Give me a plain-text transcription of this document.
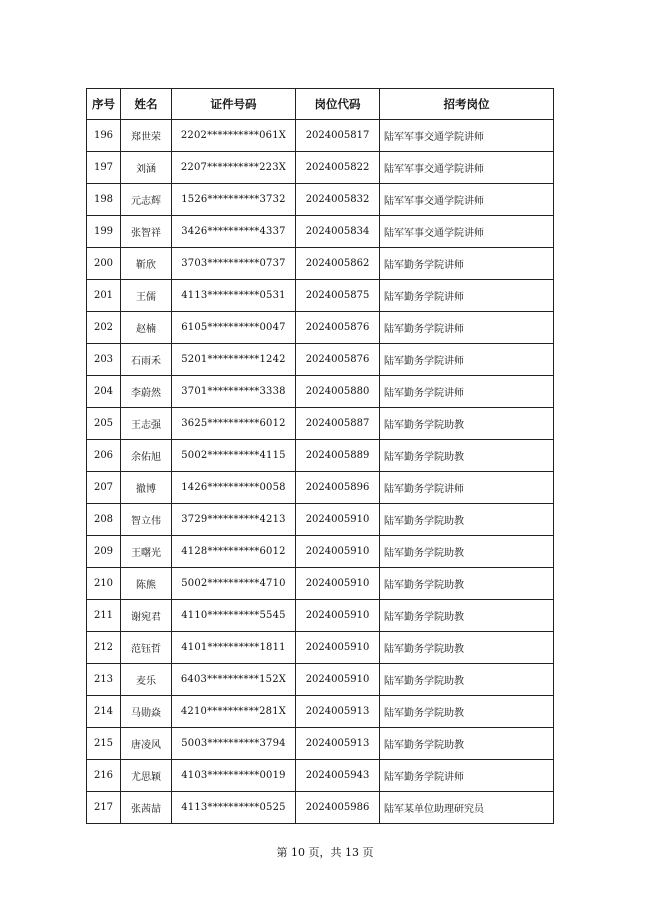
序号	姓名	证件号码	岗位代码	招考岗位
196	郑世荣	2202**********061X	2024005817	陆军军事交通学院讲师
197	刘涵	2207**********223X	2024005822	陆军军事交通学院讲师
198	元志辉	1526**********3732	2024005832	陆军军事交通学院讲师
199	张智祥	3426**********4337	2024005834	陆军军事交通学院讲师
200	靳欣	3703**********0737	2024005862	陆军勤务学院讲师
201	王儒	4113**********0531	2024005875	陆军勤务学院讲师
202	赵楠	6105**********0047	2024005876	陆军勤务学院讲师
203	石雨禾	5201**********1242	2024005876	陆军勤务学院讲师
204	李蔚然	3701**********3338	2024005880	陆军勤务学院讲师
205	王志强	3625**********6012	2024005887	陆军勤务学院助教
206	余佑旭	5002**********4115	2024005889	陆军勤务学院助教
207	撤博	1426**********0058	2024005896	陆军勤务学院讲师
208	智立伟	3729**********4213	2024005910	陆军勤务学院助教
209	王曙光	4128**********6012	2024005910	陆军勤务学院助教
210	陈熊	5002**********4710	2024005910	陆军勤务学院助教
211	谢宛君	4110**********5545	2024005910	陆军勤务学院助教
212	范钰哲	4101**********1811	2024005910	陆军勤务学院助教
213	麦乐	6403**********152X	2024005910	陆军勤务学院助教
214	马勋焱	4210**********281X	2024005913	陆军勤务学院助教
215	唐凌风	5003**********3794	2024005913	陆军勤务学院助教
216	尤思颖	4103**********0019	2024005943	陆军勤务学院讲师
217	张茜喆	4113**********0525	2024005986	陆军某单位助理研究员
第 10 页，共 13 页
